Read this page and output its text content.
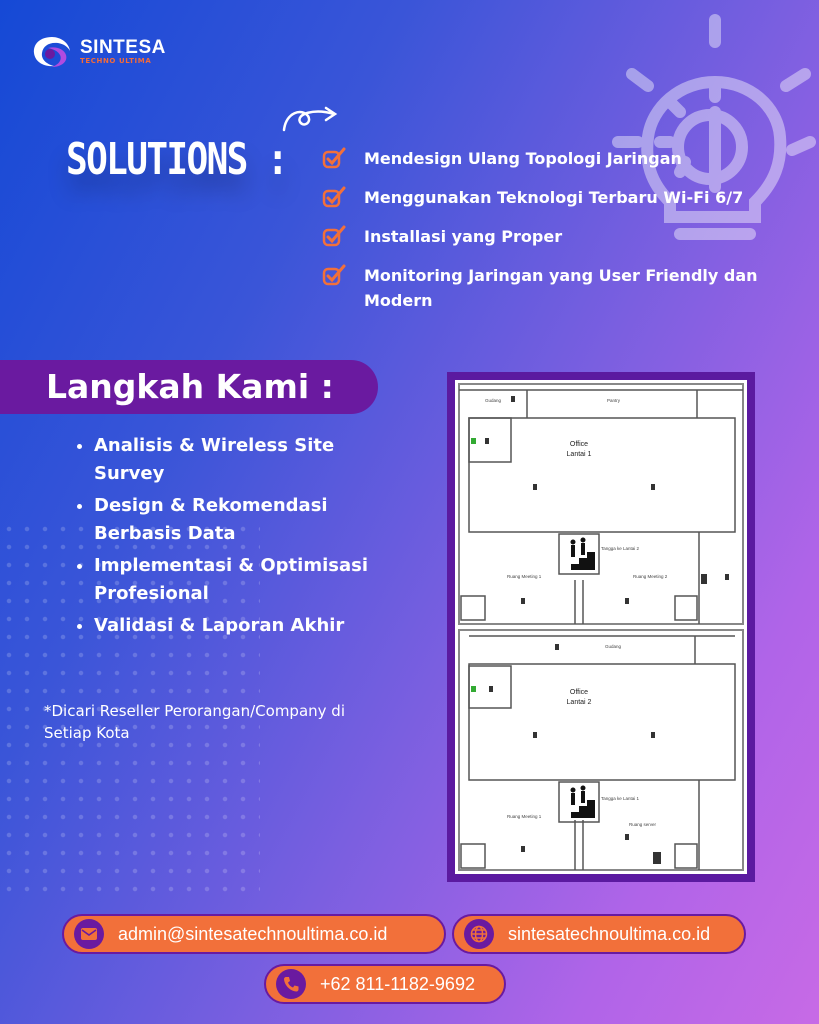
SINTESA
TECHNO ULTIMA
SOLUTIONS :	Mendesign Ulang Topologi Jaringan
Menggunakan Teknologi Terbaru Wi-Fi 6/7
Installasi yang Proper
Monitoring Jaringan yang User Friendly dan Modern
Langkah Kami :
• Analisis & Wireless Site Survey
• Design & Rekomendasi Berbasis Data
• Implementasi & Optimisasi Profesional
• Validasi & Laporan Akhir
*Dicari Reseller Perorangan/Company di Setiap Kota
Gudang	Pantry
Ruang Meeting 1	Ruang Meeting 2
Tangga ke Lantai 2
Gudang
Ruang Meeting 1
Ruang server
Tangga ke Lantai 1
Office
Lantai 1
Office
Lantai 2
admin@sintesatechnoultima.co.id	sintesatechnoultima.co.id
+62 811-1182-9692
